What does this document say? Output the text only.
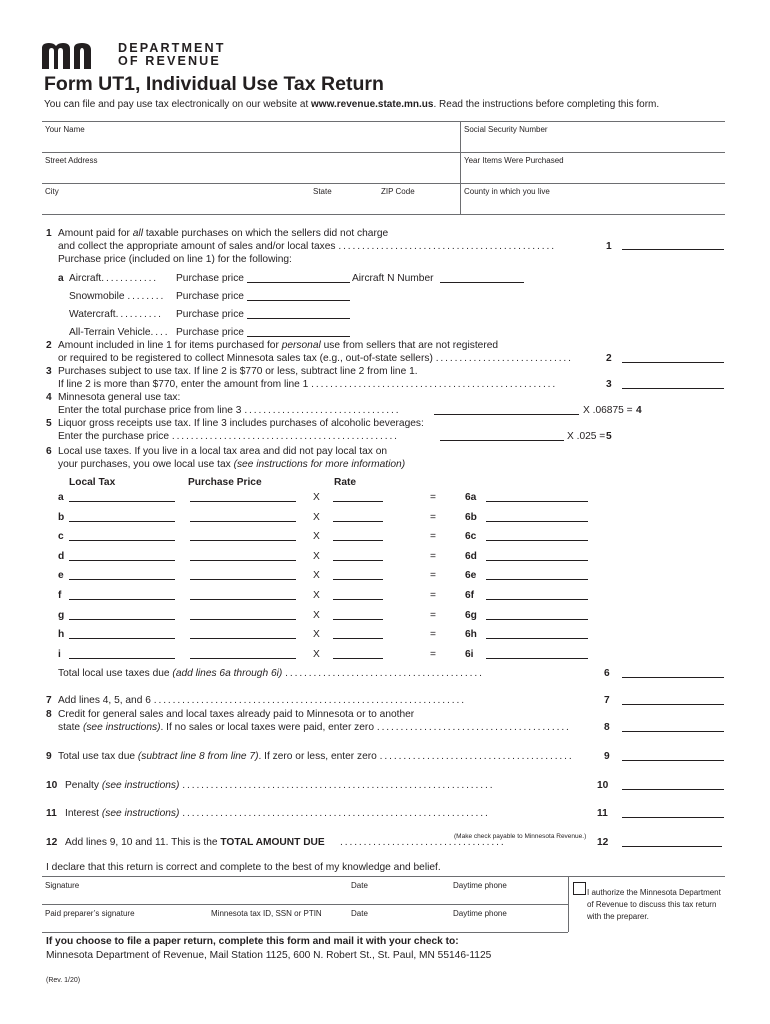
DEPARTMENT
OF REVENUE
Form UT1, Individual Use Tax Return
You can file and pay use tax electronically on our website at www.revenue.state.mn.us. Read the instructions before completing this form.
Your Name	Social Security Number
Street Address	Year Items Were Purchased
City	State	ZIP Code	County in which you live
1 Amount paid for all taxable purchases on which the sellers did not charge
and collect the appropriate amount of sales and/or local taxes ..............................................	1
Purchase price (included on line 1) for the following:
a Aircraft............ Purchase price	Aircraft N Number
Snowmobile ........ Purchase price
Watercraft.......... Purchase price
All-Terrain Vehicle.... Purchase price
2 Amount included in line 1 for items purchased for personal use from sellers that are not registered
or required to be registered to collect Minnesota sales tax (e.g., out-of-state sellers) .............................	2
3 Purchases subject to use tax. If line 2 is $770 or less, subtract line 2 from line 1.
If line 2 is more than $770, enter the amount from line 1 ....................................................	3
4 Minnesota general use tax:
Enter the total purchase price from line 3 .................................	X .06875 = 4
5 Liquor gross receipts use tax. If line 3 includes purchases of alcoholic beverages:
Enter the purchase price ................................................	X .025 = 5
6 Local use taxes. If you live in a local tax area and did not pay local tax on
your purchases, you owe local use tax (see instructions for more information)
Local Tax	Purchase Price	Rate
a	X	=	6a
b	X	=	6b
c	X	=	6c
d	X	=	6d
e	X	=	6e
f	X	=	6f
g	X	=	6g
h	X	=	6h
i	X	=	6i
Total local use taxes due (add lines 6a through 6i) ..........................................	6
7 Add lines 4, 5, and 6 ..................................................................	7
8 Credit for general sales and local taxes already paid to Minnesota or to another
state (see instructions). If no sales or local taxes were paid, enter zero .........................................	8
9 Total use tax due (subtract line 8 from line 7). If zero or less, enter zero .........................................	9
10 Penalty (see instructions) ..................................................................	10
11 Interest (see instructions) .................................................................	11
12 Add lines 9, 10 and 11. This is the TOTAL AMOUNT DUE ...................................
(Make check payable to Minnesota Revenue.)
12
I declare that this return is correct and complete to the best of my knowledge and belief.
Signature	Date	Daytime phone
Paid preparer’s signature	Minnesota tax ID, SSN or PTIN	Date	Daytime phone
I authorize the Minnesota Department
of Revenue to discuss this tax return
with the preparer.
If you choose to file a paper return, complete this form and mail it with your check to:
Minnesota Department of Revenue, Mail Station 1125, 600 N. Robert St., St. Paul, MN 55146-1125
(Rev. 1/20)
